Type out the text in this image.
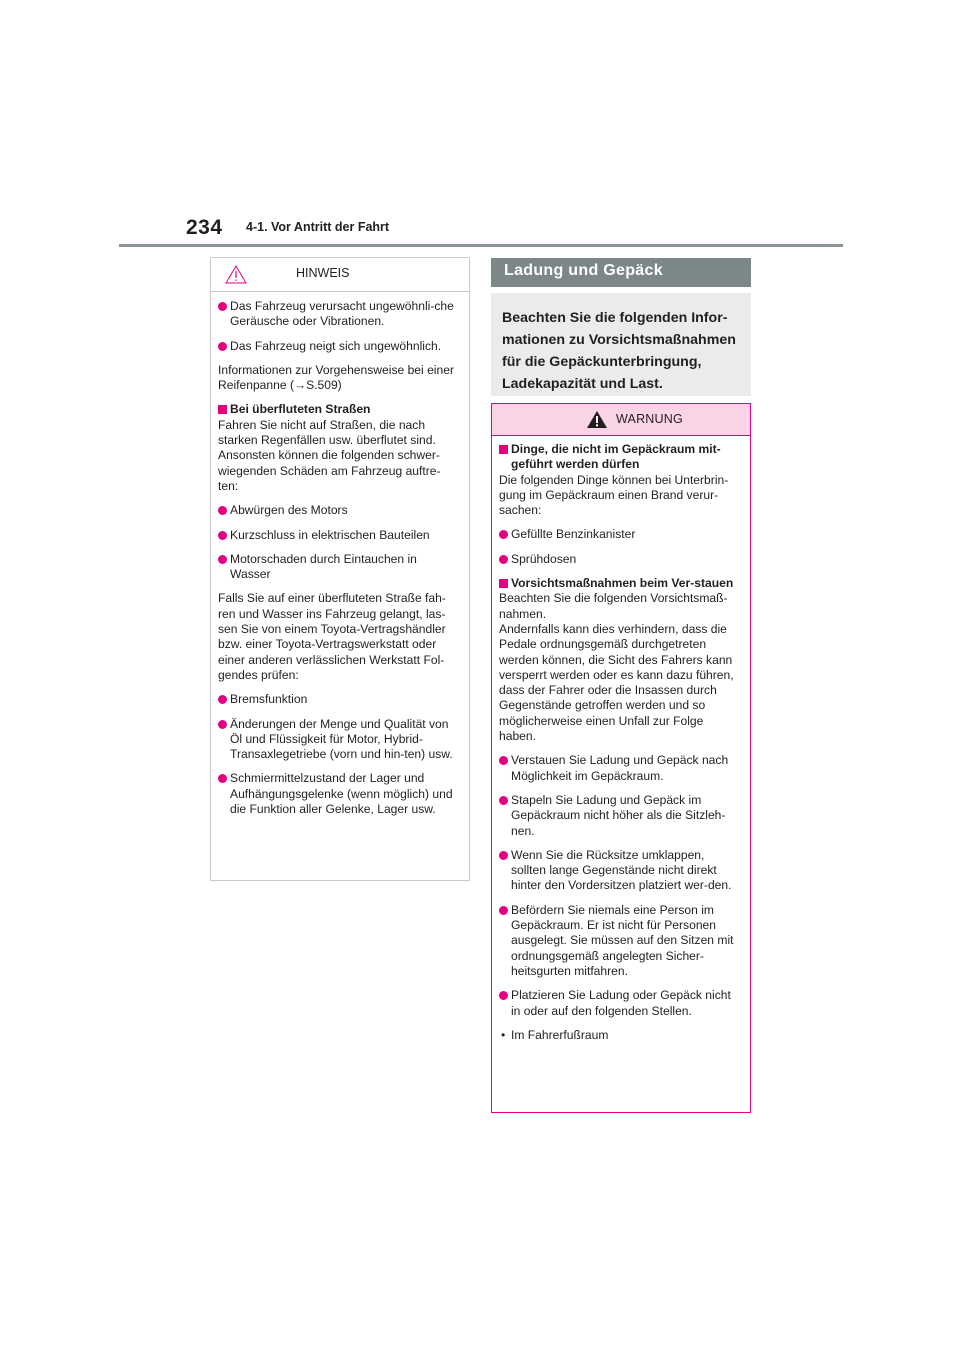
234 4-1. Vor Antritt der Fahrt
HINWEIS
Das Fahrzeug verursacht ungewöhnli-che Geräusche oder Vibrationen.
Das Fahrzeug neigt sich ungewöhnlich.

Informationen zur Vorgehensweise bei einer Reifenpanne (→S.509)

Bei überfluteten Straßen

Fahren Sie nicht auf Straßen, die nach starken Regenfällen usw. überflutet sind. Ansonsten können die folgenden schwer-wiegenden Schäden am Fahrzeug auftre-ten:

Abwürgen des Motors
Kurzschluss in elektrischen Bauteilen
Motorschaden durch Eintauchen in Wasser

Falls Sie auf einer überfluteten Straße fah-ren und Wasser ins Fahrzeug gelangt, las-sen Sie von einem Toyota-Vertragshändler bzw. einer Toyota-Vertragswerkstatt oder einer anderen verlässlichen Werkstatt Fol-gendes prüfen:

Bremsfunktion
Änderungen der Menge und Qualität von Öl und Flüssigkeit für Motor, Hybrid-Transaxlegetriebe (vorn und hin-ten) usw.
Schmiermittelzustand der Lager und Aufhängungsgelenke (wenn möglich) und die Funktion aller Gelenke, Lager usw.
Ladung und Gepäck

Beachten Sie die folgenden Infor-mationen zu Vorsichtsmaßnahmen für die Gepäckunterbringung, Ladekapazität und Last.

WARNUNG
Dinge, die nicht im Gepäckraum mit-geführt werden dürfen

Die folgenden Dinge können bei Unterbrin-gung im Gepäckraum einen Brand verur-sachen:

Gefüllte Benzinkanister
Sprühdosen
Vorsichtsmaßnahmen beim Ver-stauen

Beachten Sie die folgenden Vorsichtsmaß-nahmen.

Andernfalls kann dies verhindern, dass die Pedale ordnungsgemäß durchgetreten werden können, die Sicht des Fahrers kann versperrt werden oder es kann dazu führen, dass der Fahrer oder die Insassen durch Gegenstände getroffen werden und so möglicherweise einen Unfall zur Folge haben.

Verstauen Sie Ladung und Gepäck nach Möglichkeit im Gepäckraum.
Stapeln Sie Ladung und Gepäck im Gepäckraum nicht höher als die Sitzleh-nen.
Wenn Sie die Rücksitze umklappen, sollten lange Gegenstände nicht direkt hinter den Vordersitzen platziert wer-den.
Befördern Sie niemals eine Person im Gepäckraum. Er ist nicht für Personen ausgelegt. Sie müssen auf den Sitzen mit ordnungsgemäß angelegten Sicher-heitsgurten mitfahren.
Platzieren Sie Ladung oder Gepäck nicht in oder auf den folgenden Stellen.
• Im Fahrerfußraum
